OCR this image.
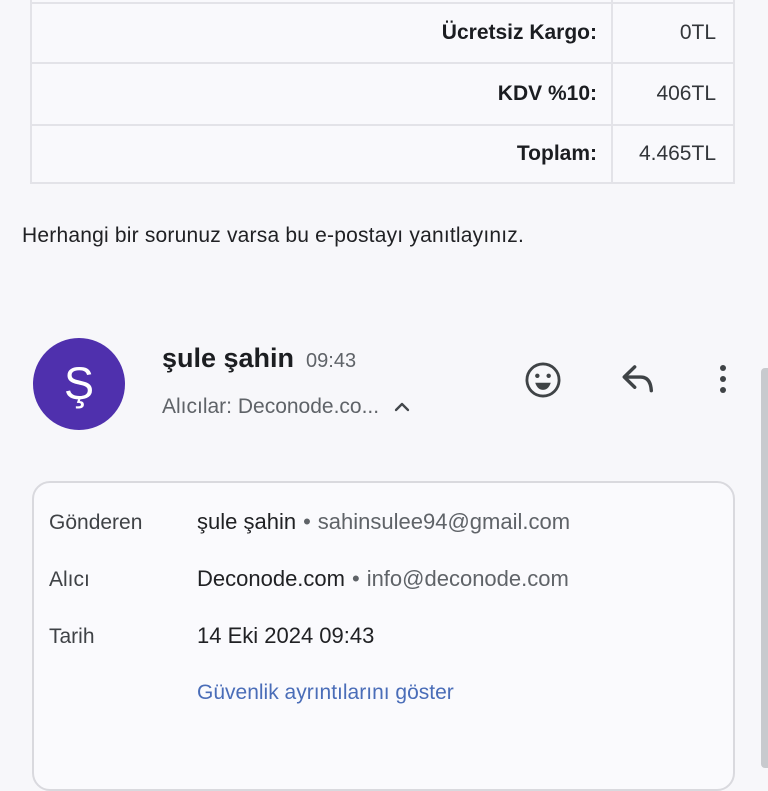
Ücretsiz Kargo:	0TL
KDV %10:	406TL
Toplam:	4.465TL
Herhangi bir sorunuz varsa bu e-postayı yanıtlayınız.
Ş	şule şahin 09:43
Alıcılar: Deconode.co...
Gönderen	şule şahin • sahinsulee94@gmail.com
Alıcı	Deconode.com • info@deconode.com
Tarih	14 Eki 2024 09:43
Güvenlik ayrıntılarını göster
